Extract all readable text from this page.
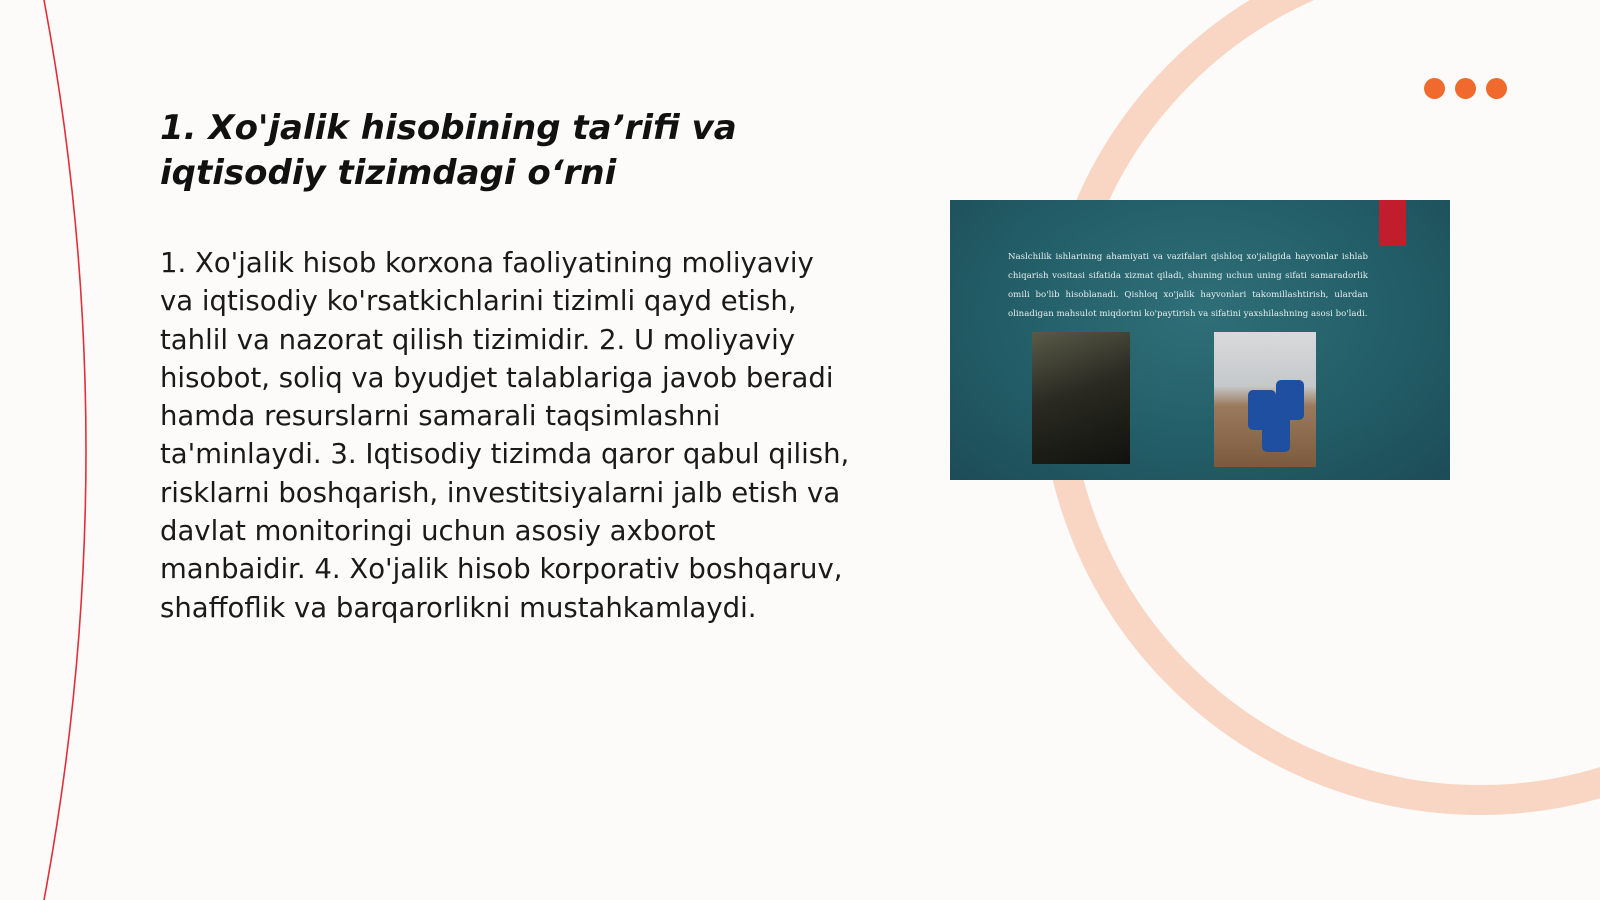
1. Xo'jalik hisobining ta’rifi va iqtisodiy tizimdagi o‘rni

1. Xo'jalik hisob korxona faoliyatining moliyaviy va iqtisodiy ko'rsatkichlarini tizimli qayd etish, tahlil va nazorat qilish tizimidir. 2. U moliyaviy hisobot, soliq va byudjet talablariga javob beradi hamda resurslarni samarali taqsimlashni ta'minlaydi. 3. Iqtisodiy tizimda qaror qabul qilish, risklarni boshqarish, investitsiyalarni jalb etish va davlat monitoringi uchun asosiy axborot manbaidir. 4. Xo'jalik hisob korporativ boshqaruv, shaffoflik va barqarorlikni mustahkamlaydi.

Naslchilik ishlarining ahamiyati va vazifalari qishloq xo'jaligida hayvonlar ishlab chiqarish vositasi sifatida xizmat qiladi, shuning uchun uning sifati samaradorlik omili bo'lib hisoblanadi. Qishloq xo'jalik hayvonlari takomillashtirish, ulardan olinadigan mahsulot miqdorini ko'paytirish va sifatini yaxshilashning asosi bo'ladi.
